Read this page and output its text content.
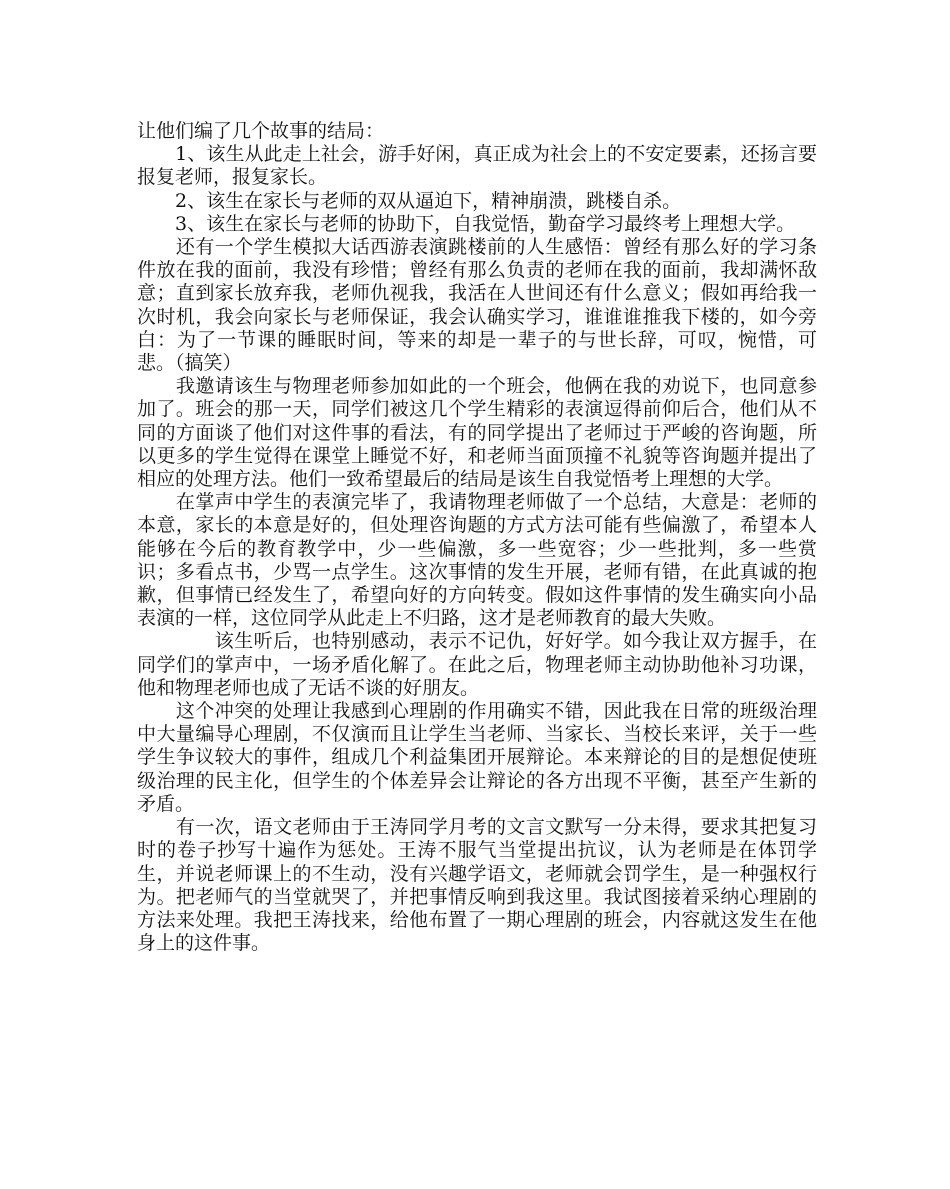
让他们编了几个故事的结局：

　　1、该生从此走上社会，游手好闲，真正成为社会上的不安定要素，还扬言要报复老师，报复家长。

　　2、该生在家长与老师的双从逼迫下，精神崩溃，跳楼自杀。

　　3、该生在家长与老师的协助下，自我觉悟，勤奋学习最终考上理想大学。

　　还有一个学生模拟大话西游表演跳楼前的人生感悟：曾经有那么好的学习条件放在我的面前，我没有珍惜；曾经有那么负责的老师在我的面前，我却满怀敌意；直到家长放弃我，老师仇视我，我活在人世间还有什么意义；假如再给我一次时机，我会向家长与老师保证，我会认确实学习，谁谁谁推我下楼的，如今旁白：为了一节课的睡眠时间，等来的却是一辈子的与世长辞，可叹，惋惜，可悲。（搞笑）

　　我邀请该生与物理老师参加如此的一个班会，他俩在我的劝说下，也同意参加了。班会的那一天，同学们被这几个学生精彩的表演逗得前仰后合，他们从不同的方面谈了他们对这件事的看法，有的同学提出了老师过于严峻的咨询题，所以更多的学生觉得在课堂上睡觉不好，和老师当面顶撞不礼貌等咨询题并提出了相应的处理方法。他们一致希望最后的结局是该生自我觉悟考上理想的大学。

　　在掌声中学生的表演完毕了，我请物理老师做了一个总结，大意是：老师的本意，家长的本意是好的，但处理咨询题的方式方法可能有些偏激了，希望本人能够在今后的教育教学中，少一些偏激，多一些宽容；少一些批判，多一些赏识；多看点书，少骂一点学生。这次事情的发生开展，老师有错，在此真诚的抱歉，但事情已经发生了，希望向好的方向转变。假如这件事情的发生确实向小品表演的一样，这位同学从此走上不归路，这才是老师教育的最大失败。

　　　　该生听后，也特别感动，表示不记仇，好好学。如今我让双方握手，在同学们的掌声中，一场矛盾化解了。在此之后，物理老师主动协助他补习功课，他和物理老师也成了无话不谈的好朋友。

　　这个冲突的处理让我感到心理剧的作用确实不错，因此我在日常的班级治理中大量编导心理剧，不仅演而且让学生当老师、当家长、当校长来评，关于一些学生争议较大的事件，组成几个利益集团开展辩论。本来辩论的目的是想促使班级治理的民主化，但学生的个体差异会让辩论的各方出现不平衡，甚至产生新的矛盾。

　　有一次，语文老师由于王涛同学月考的文言文默写一分未得，要求其把复习时的卷子抄写十遍作为惩处。王涛不服气当堂提出抗议，认为老师是在体罚学生，并说老师课上的不生动，没有兴趣学语文，老师就会罚学生，是一种强权行为。把老师气的当堂就哭了，并把事情反响到我这里。我试图接着采纳心理剧的方法来处理。我把王涛找来，给他布置了一期心理剧的班会，内容就这发生在他身上的这件事。
